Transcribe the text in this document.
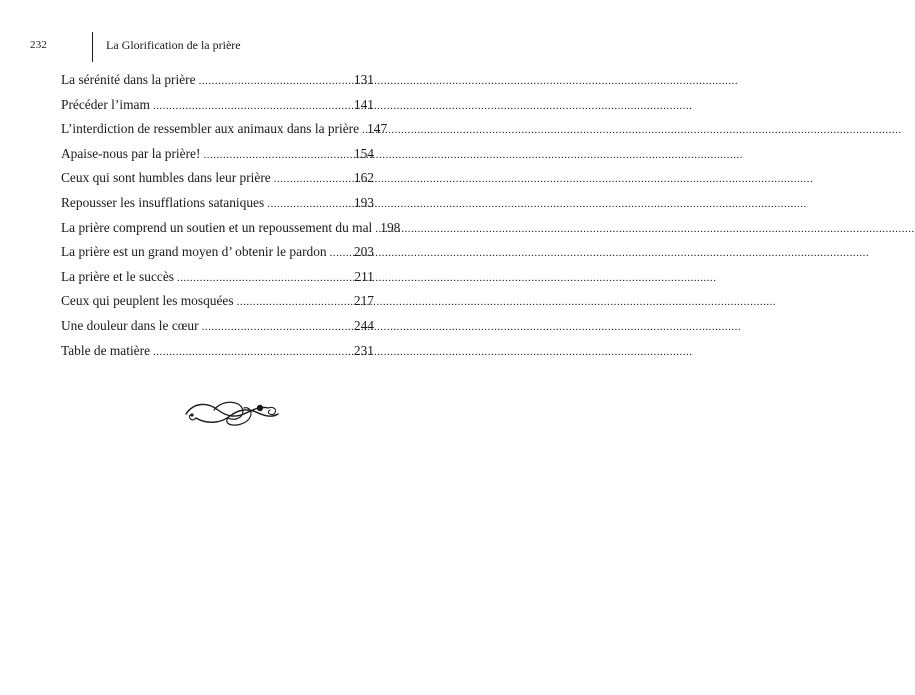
232	La Glorification de la prière
La sérénité dans la prière .....	131
Précéder l’imam .....	141
L’interdiction de ressembler aux animaux dans la prière ..... 147
Apaise-nous par la prière! .....	154
Ceux qui sont humbles dans leur prière .....	162
Repousser les insufflations sataniques .....	193
La prière comprend un soutien et un repoussement du mal ..... 198
La prière est un grand moyen d’ obtenir le pardon ..... 203
La prière et le succès .....	211
Ceux qui peuplent les mosquées .....	217
Une douleur dans le cœur .....	244
Table de matière .....	231
